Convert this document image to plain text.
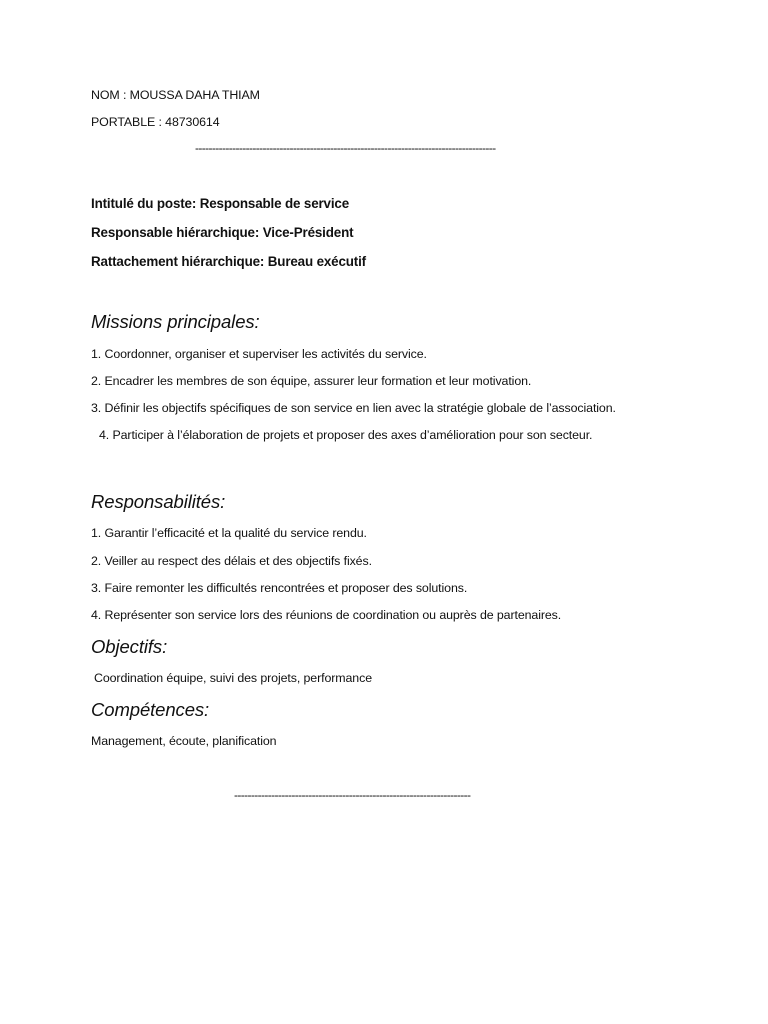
NOM : MOUSSA DAHA THIAM
PORTABLE : 48730614
-----------------------------------------------------------------------------------------
Intitulé du poste: Responsable de service
Responsable hiérarchique: Vice-Président
Rattachement hiérarchique: Bureau exécutif
Missions principales:
1. Coordonner, organiser et superviser les activités du service.
2. Encadrer les membres de son équipe, assurer leur formation et leur motivation.
3. Définir les objectifs spécifiques de son service en lien avec la stratégie globale de l’association.
4. Participer à l’élaboration de projets et proposer des axes d’amélioration pour son secteur.
Responsabilités:
1. Garantir l’efficacité et la qualité du service rendu.
2. Veiller au respect des délais et des objectifs fixés.
3. Faire remonter les difficultés rencontrées et proposer des solutions.
4. Représenter son service lors des réunions de coordination ou auprès de partenaires.
Objectifs:
Coordination équipe, suivi des projets, performance
Compétences:
Management, écoute, planification
----------------------------------------------------------------------
